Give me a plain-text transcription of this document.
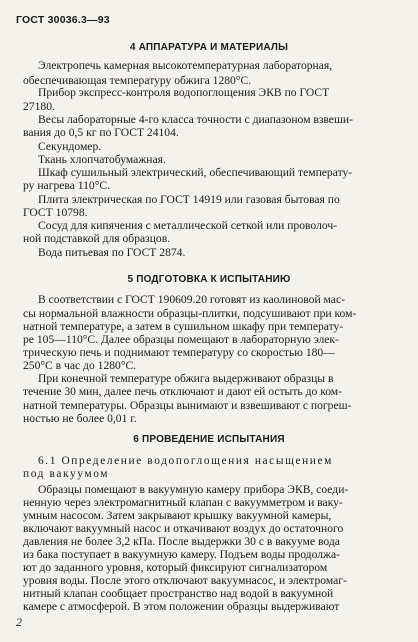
ГОСТ 30036.3—93
4 АППАРАТУРА И МАТЕРИАЛЫ
Электропечь камерная высокотемпературная лабораторная,
обеспечивающая температуру обжига 1280°С.
Прибор экспресс-контроля водопоглощения ЭКВ по ГОСТ
27180.
Весы лабораторные 4-го класса точности с диапазоном взвеши-
вания до 0,5 кг по ГОСТ 24104.
Секундомер.
Ткань хлопчатобумажная.
Шкаф сушильный электрический, обеспечивающий температу-
ру нагрева 110°С.
Плита электрическая по ГОСТ 14919 или газовая бытовая по
ГОСТ 10798.
Сосуд для кипячения с металлической сеткой или проволоч-
ной подставкой для образцов.
Вода питьевая по ГОСТ 2874.
5 ПОДГОТОВКА К ИСПЫТАНИЮ
В соответствии с ГОСТ 190609.20 готовят из каолиновой мас-
сы нормальной влажности образцы-плитки, подсушивают при ком-
натной температуре, а затем в сушильном шкафу при температу-
ре 105—110°С. Далее образцы помещают в лабораторную элек-
трическую печь и поднимают температуру со скоростью 180—
250°С в час до 1280°С.
При конечной температуре обжига выдерживают образцы в
течение 30 мин, далее печь отключают и дают ей остыть до ком-
натной температуры. Образцы вынимают и взвешивают с погреш-
ностью не более 0,01 г.
6 ПРОВЕДЕНИЕ ИСПЫТАНИЯ
6.1 Определение водопоглощения насыщением
под вакуумом
Образцы помещают в вакуумную камеру прибора ЭКВ, соеди-
ненную через электромагнитный клапан с вакуумметром и ваку-
умным насосом. Затем закрывают крышку вакуумной камеры,
включают вакуумный насос и откачивают воздух до остаточного
давления не более 3,2 кПа. После выдержки 30 с в вакууме вода
из бака поступает в вакуумную камеру. Подъем воды продолжа-
ют до заданного уровня, который фиксируют сигнализатором
уровня воды. После этого отключают вакуумнасос, и электромаг-
нитный клапан сообщает пространство над водой в вакуумной
камере с атмосферой. В этом положении образцы выдерживают
2
